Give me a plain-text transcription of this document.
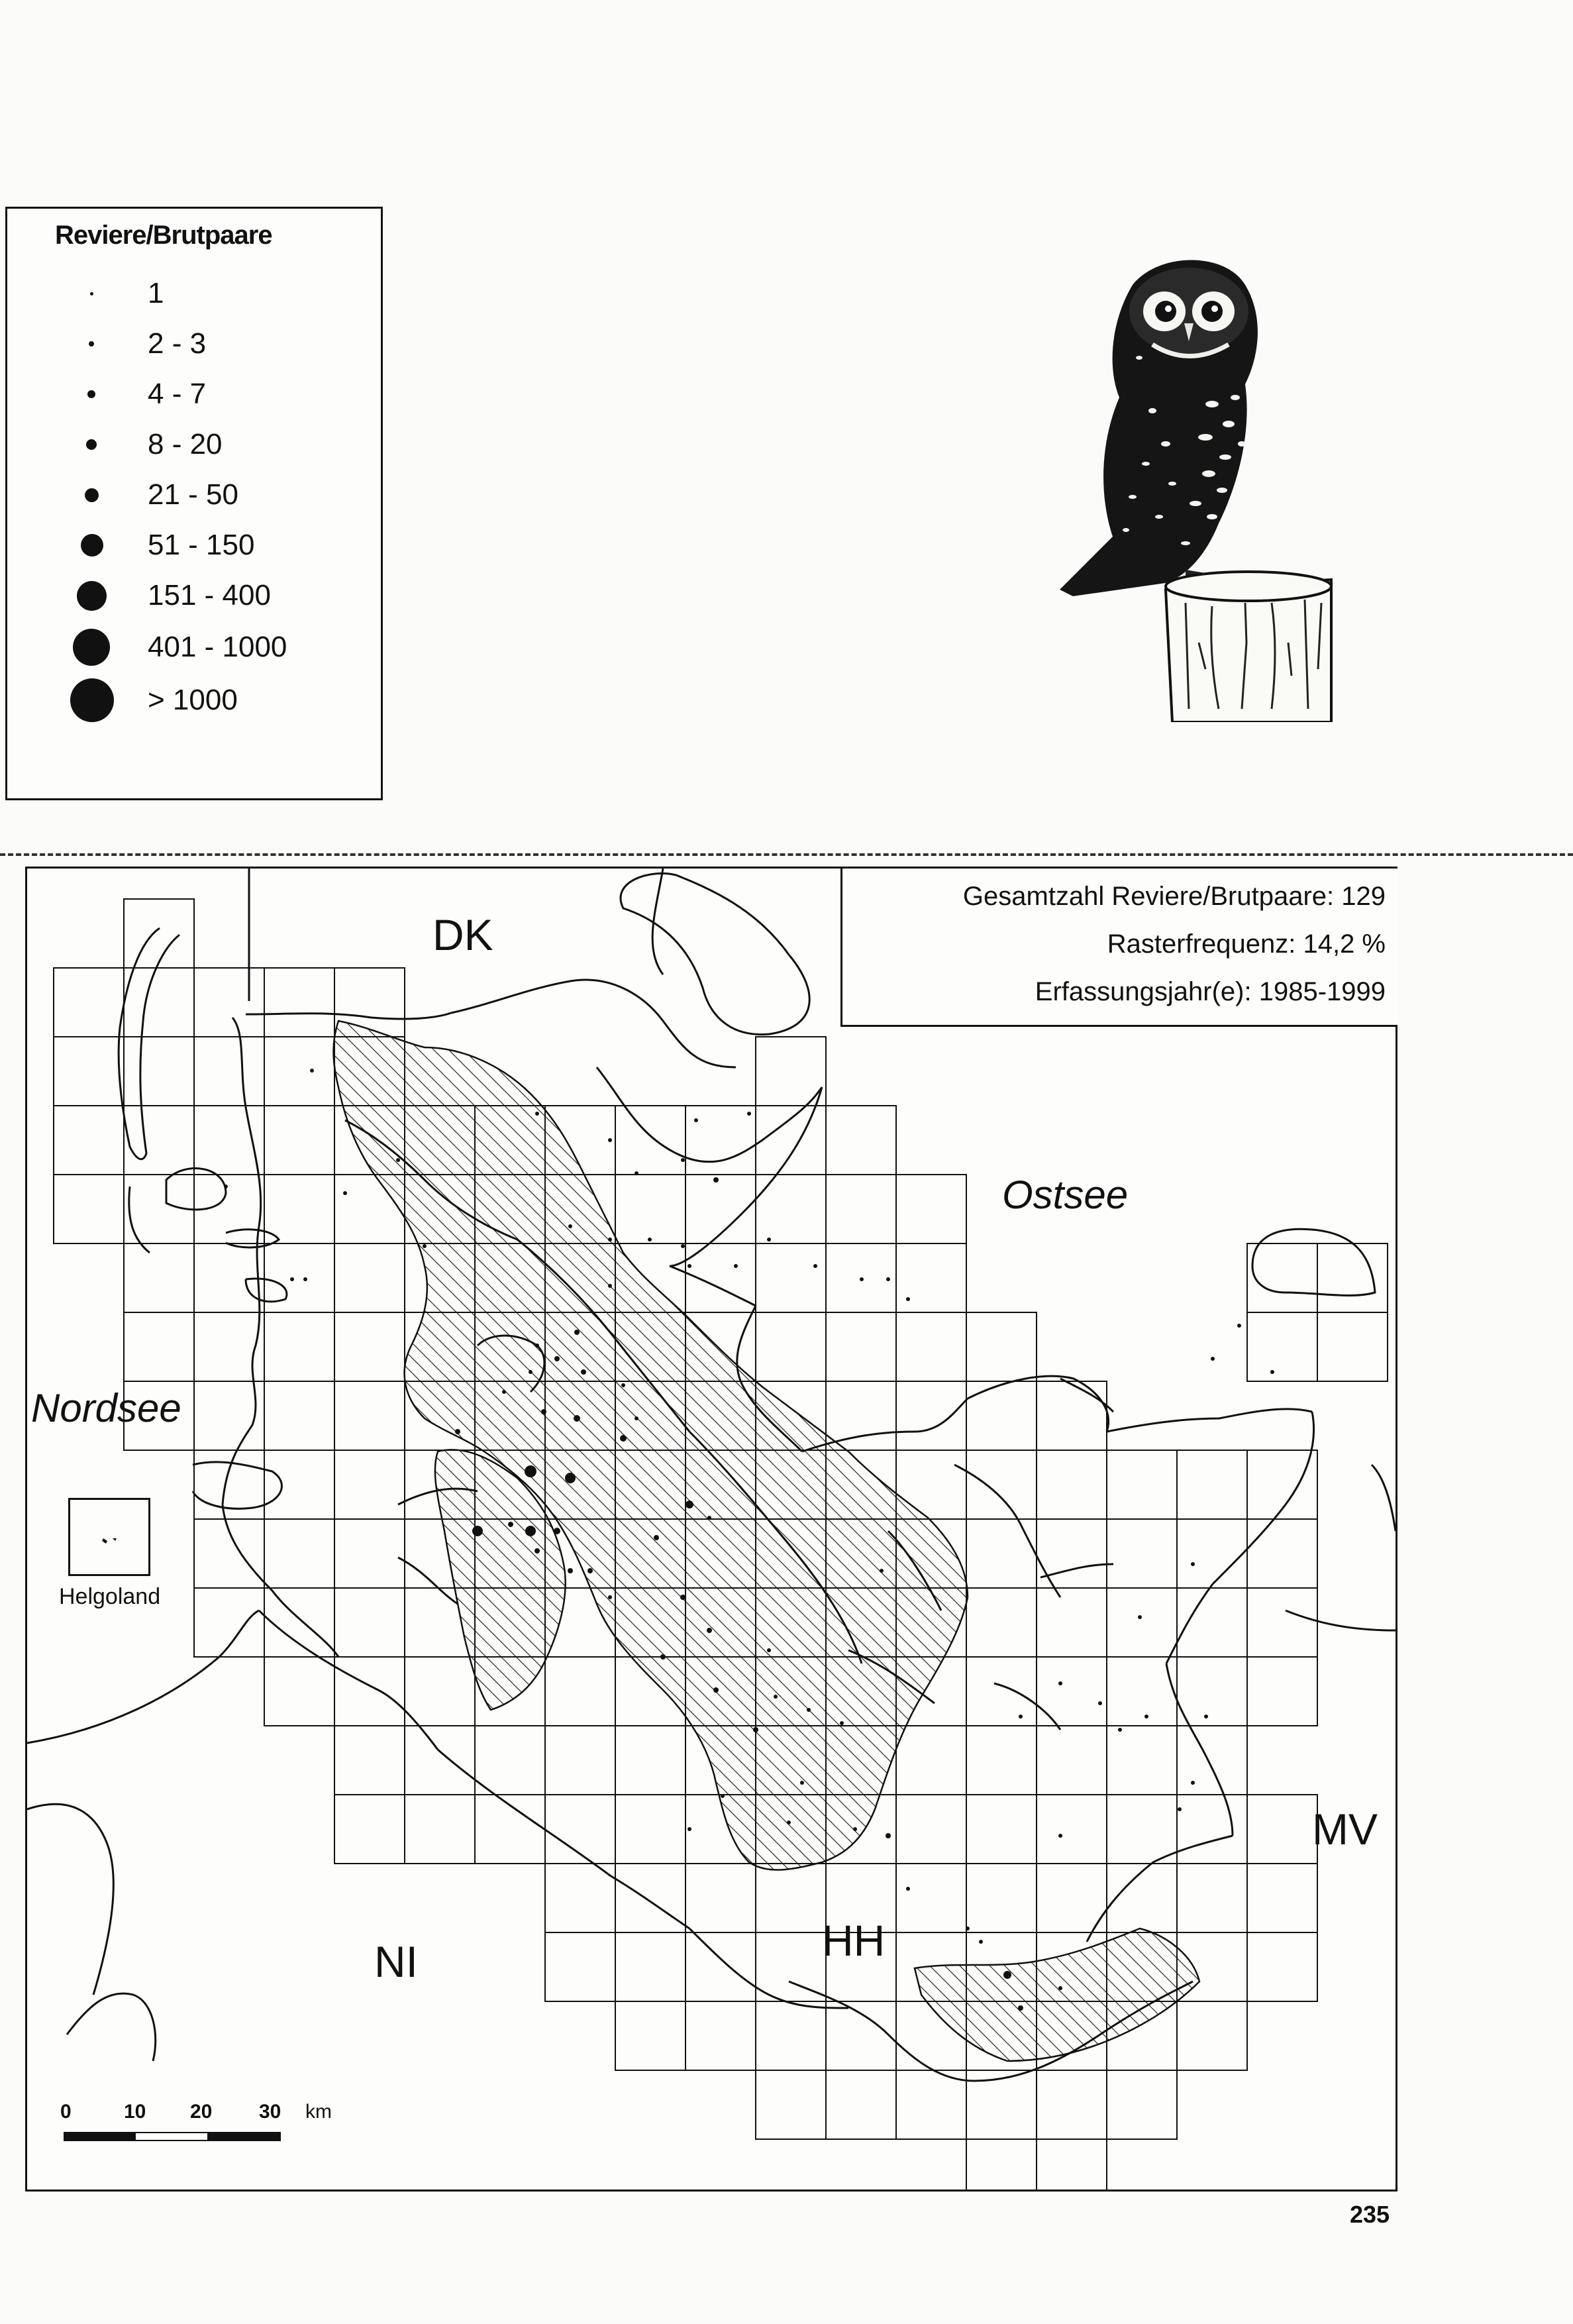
Reviere/Brutpaare
1
2 - 3
4 - 7
8 - 20
21 - 50
51 - 150
151 - 400
401 - 1000
> 1000
Gesamtzahl Reviere/Brutpaare: 129
Rasterfrequenz: 14,2 %
Erfassungsjahr(e): 1985-1999
DK
Ostsee
Nordsee
MV
NI	HH
Helgoland
0	10 20 30 km
235
